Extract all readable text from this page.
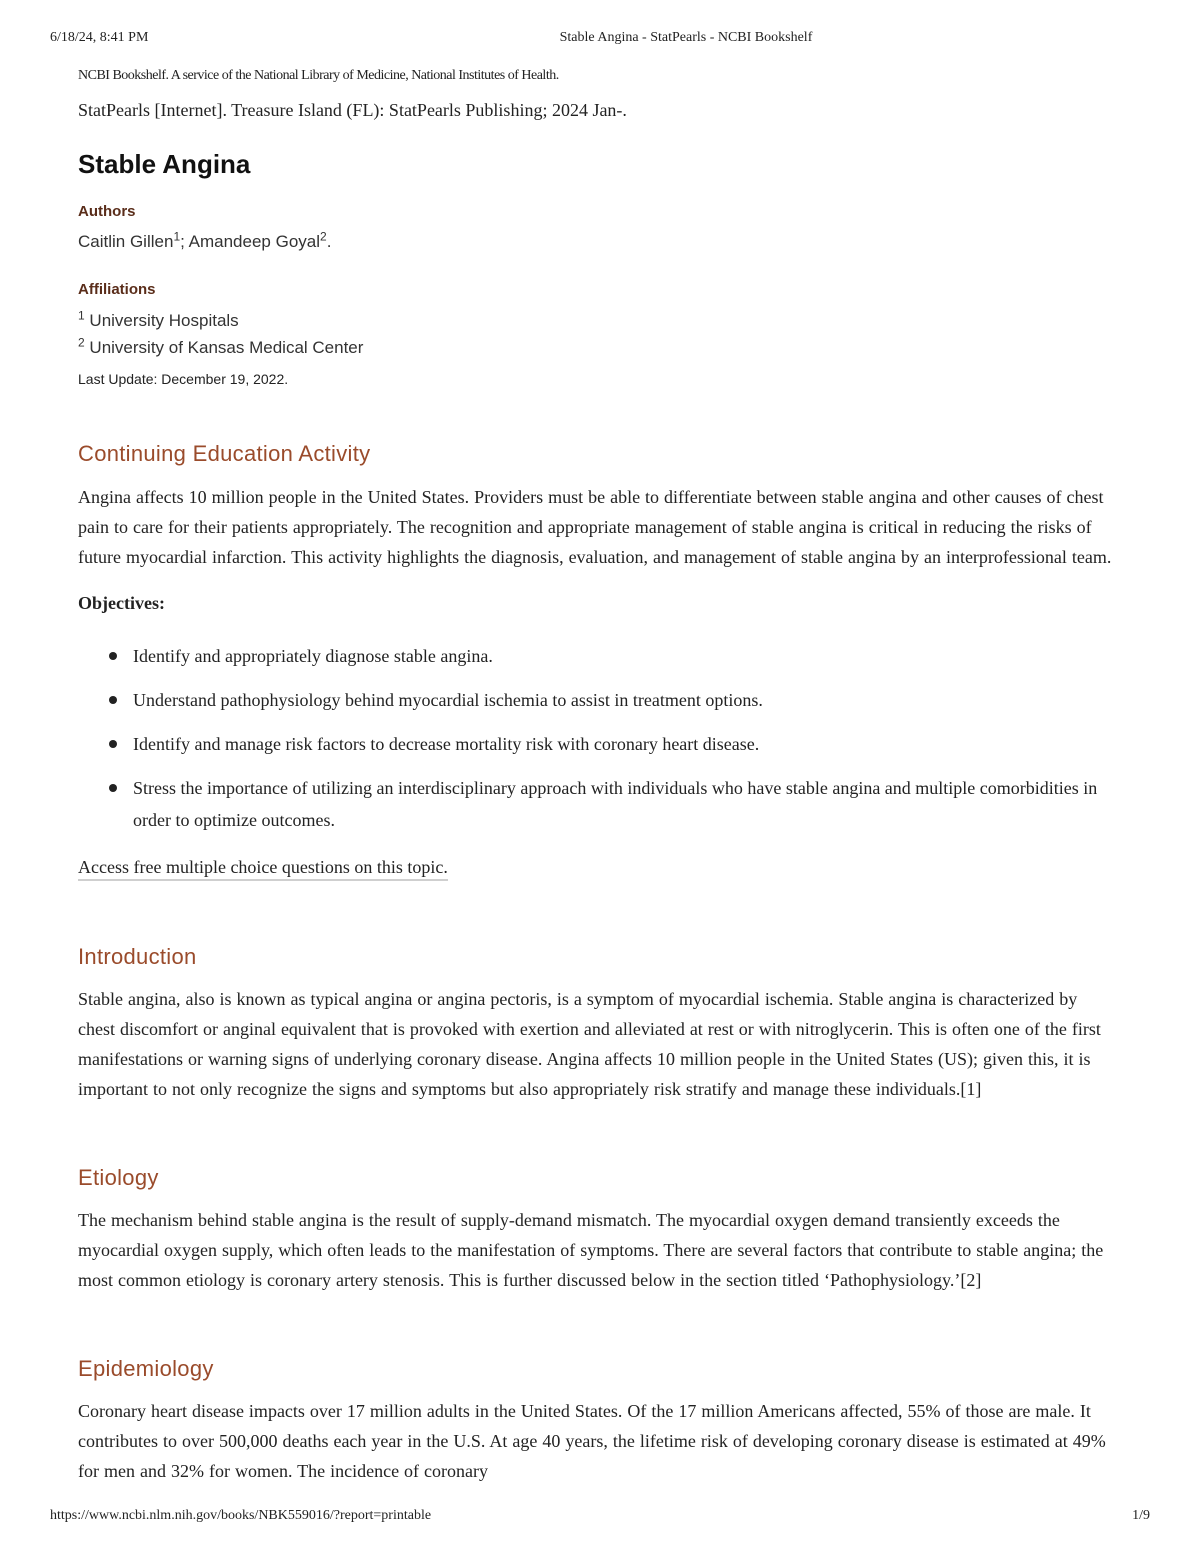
6/18/24, 8:41 PM	Stable Angina - StatPearls - NCBI Bookshelf

NCBI Bookshelf. A service of the National Library of Medicine, National Institutes of Health.

StatPearls [Internet]. Treasure Island (FL): StatPearls Publishing; 2024 Jan-.

Stable Angina
Authors
Caitlin Gillen$^1$; Amandeep Goyal$^2$.
Affiliations
$^1$ University Hospitals
$^2$ University of Kansas Medical Center
Last Update: December 19, 2022.
Continuing Education Activity

Angina affects 10 million people in the United States. Providers must be able to differentiate between stable angina and other causes of chest pain to care for their patients appropriately. The recognition and appropriate management of stable angina is critical in reducing the risks of future myocardial infarction. This activity highlights the diagnosis, evaluation, and management of stable angina by an interprofessional team.

Objectives:

Identify and appropriately diagnose stable angina.
Understand pathophysiology behind myocardial ischemia to assist in treatment options.
Identify and manage risk factors to decrease mortality risk with coronary heart disease.
Stress the importance of utilizing an interdisciplinary approach with individuals who have stable angina and multiple comorbidities in order to optimize outcomes.
Access free multiple choice questions on this topic.
Introduction

Stable angina, also is known as typical angina or angina pectoris, is a symptom of myocardial ischemia. Stable angina is characterized by chest discomfort or anginal equivalent that is provoked with exertion and alleviated at rest or with nitroglycerin. This is often one of the first manifestations or warning signs of underlying coronary disease. Angina affects 10 million people in the United States (US); given this, it is important to not only recognize the signs and symptoms but also appropriately risk stratify and manage these individuals.[1]

Etiology

The mechanism behind stable angina is the result of supply-demand mismatch. The myocardial oxygen demand transiently exceeds the myocardial oxygen supply, which often leads to the manifestation of symptoms. There are several factors that contribute to stable angina; the most common etiology is coronary artery stenosis. This is further discussed below in the section titled ‘Pathophysiology.’[2]

Epidemiology

Coronary heart disease impacts over 17 million adults in the United States. Of the 17 million Americans affected, 55% of those are male. It contributes to over 500,000 deaths each year in the U.S. At age 40 years, the lifetime risk of developing coronary disease is estimated at 49% for men and 32% for women. The incidence of coronary

https://www.ncbi.nlm.nih.gov/books/NBK559016/?report=printable	1/9
